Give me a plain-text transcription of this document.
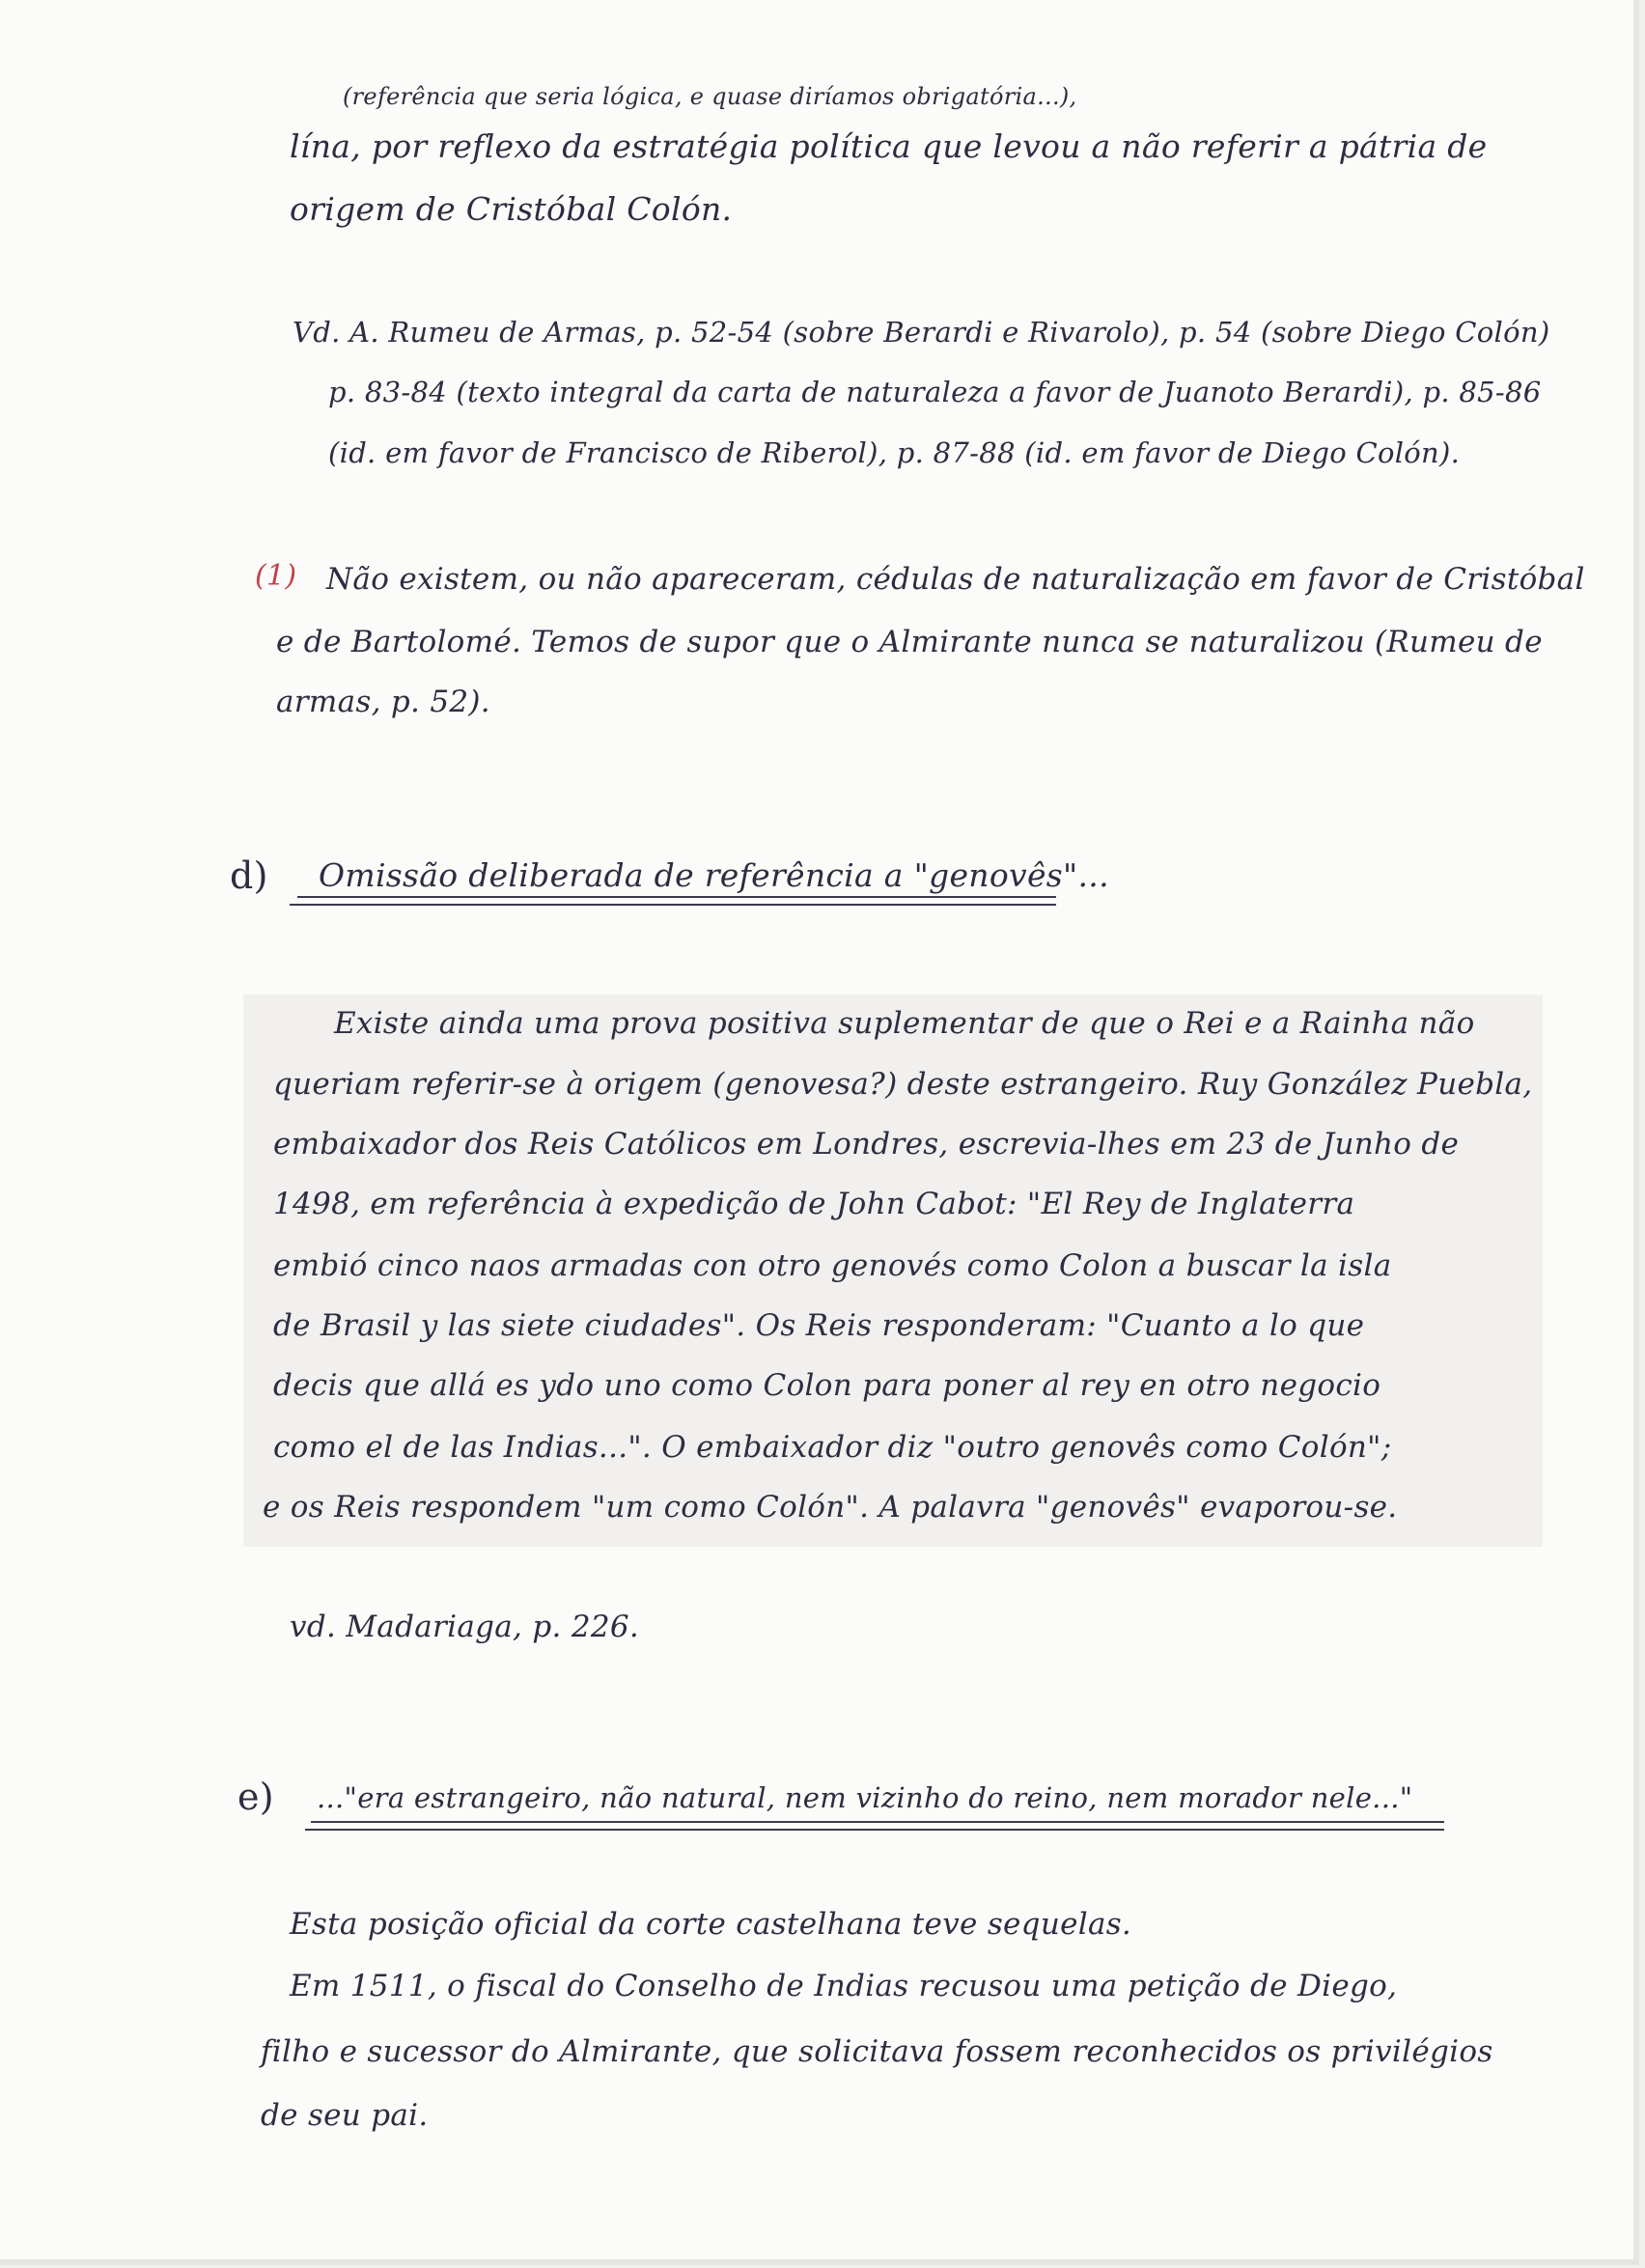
(referência que seria lógica, e quase diríamos obrigatória...),
lína, por reflexo da estratégia política que levou a não referir a pátria de
origem de Cristóbal Colón.
Vd. A. Rumeu de Armas, p. 52-54 (sobre Berardi e Rivarolo), p. 54 (sobre Diego Colón)
p. 83-84 (texto integral da carta de naturaleza a favor de Juanoto Berardi), p. 85-86
(id. em favor de Francisco de Riberol), p. 87-88 (id. em favor de Diego Colón).
(1) Não existem, ou não apareceram, cédulas de naturalização em favor de Cristóbal
e de Bartolomé. Temos de supor que o Almirante nunca se naturalizou (Rumeu de
armas, p. 52).
d) Omissão deliberada de referência a "genovês"...
Existe ainda uma prova positiva suplementar de que o Rei e a Rainha não
queriam referir-se à origem (genovesa?) deste estrangeiro. Ruy González Puebla,
embaixador dos Reis Católicos em Londres, escrevia-lhes em 23 de Junho de
1498, em referência à expedição de John Cabot: "El Rey de Inglaterra
embió cinco naos armadas con otro genovés como Colon a buscar la isla
de Brasil y las siete ciudades". Os Reis responderam: "Cuanto a lo que
decis que allá es ydo uno como Colon para poner al rey en otro negocio
como el de las Indias...". O embaixador diz "outro genovês como Colón";
e os Reis respondem "um como Colón". A palavra "genovês" evaporou-se.
vd. Madariaga, p. 226.
e) ..."era estrangeiro, não natural, nem vizinho do reino, nem morador nele..."
Esta posição oficial da corte castelhana teve sequelas.
Em 1511, o fiscal do Conselho de Indias recusou uma petição de Diego,
filho e sucessor do Almirante, que solicitava fossem reconhecidos os privilégios
de seu pai.
